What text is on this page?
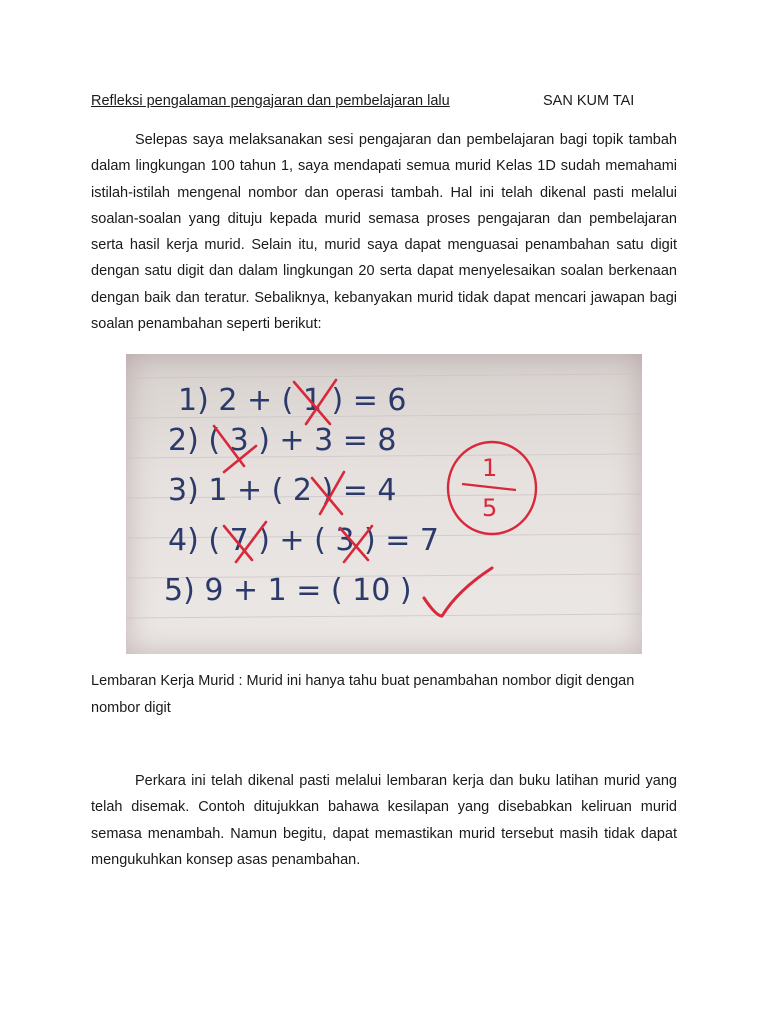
Refleksi pengalaman pengajaran dan pembelajaran lalu	SAN KUM TAI

Selepas saya melaksanakan sesi pengajaran dan pembelajaran bagi topik tambah dalam lingkungan 100 tahun 1, saya mendapati semua murid Kelas 1D sudah memahami istilah-istilah mengenal nombor dan operasi tambah. Hal ini telah dikenal pasti melalui soalan-soalan yang dituju kepada murid semasa proses pengajaran dan pembelajaran serta hasil kerja murid. Selain itu, murid saya dapat menguasai penambahan satu digit dengan satu digit dan dalam lingkungan 20 serta dapat menyelesaikan soalan berkenaan dengan baik dan teratur. Sebaliknya, kebanyakan murid tidak dapat mencari jawapan bagi soalan penambahan seperti berikut:

1) 2 + ( 1 ) = 6
2) ( 3 ) + 3 = 8
3) 1 + ( 2 ) = 4
4) ( 7 ) + ( 3 ) = 7
5) 9 + 1 = ( 10 )
1
5

Lembaran Kerja Murid : Murid ini hanya tahu buat penambahan nombor digit dengan nombor digit

Perkara ini telah dikenal pasti melalui lembaran kerja dan buku latihan murid yang telah disemak. Contoh ditujukkan bahawa kesilapan yang disebabkan keliruan murid semasa menambah. Namun begitu, dapat memastikan murid tersebut masih tidak dapat mengukuhkan konsep asas penambahan.
